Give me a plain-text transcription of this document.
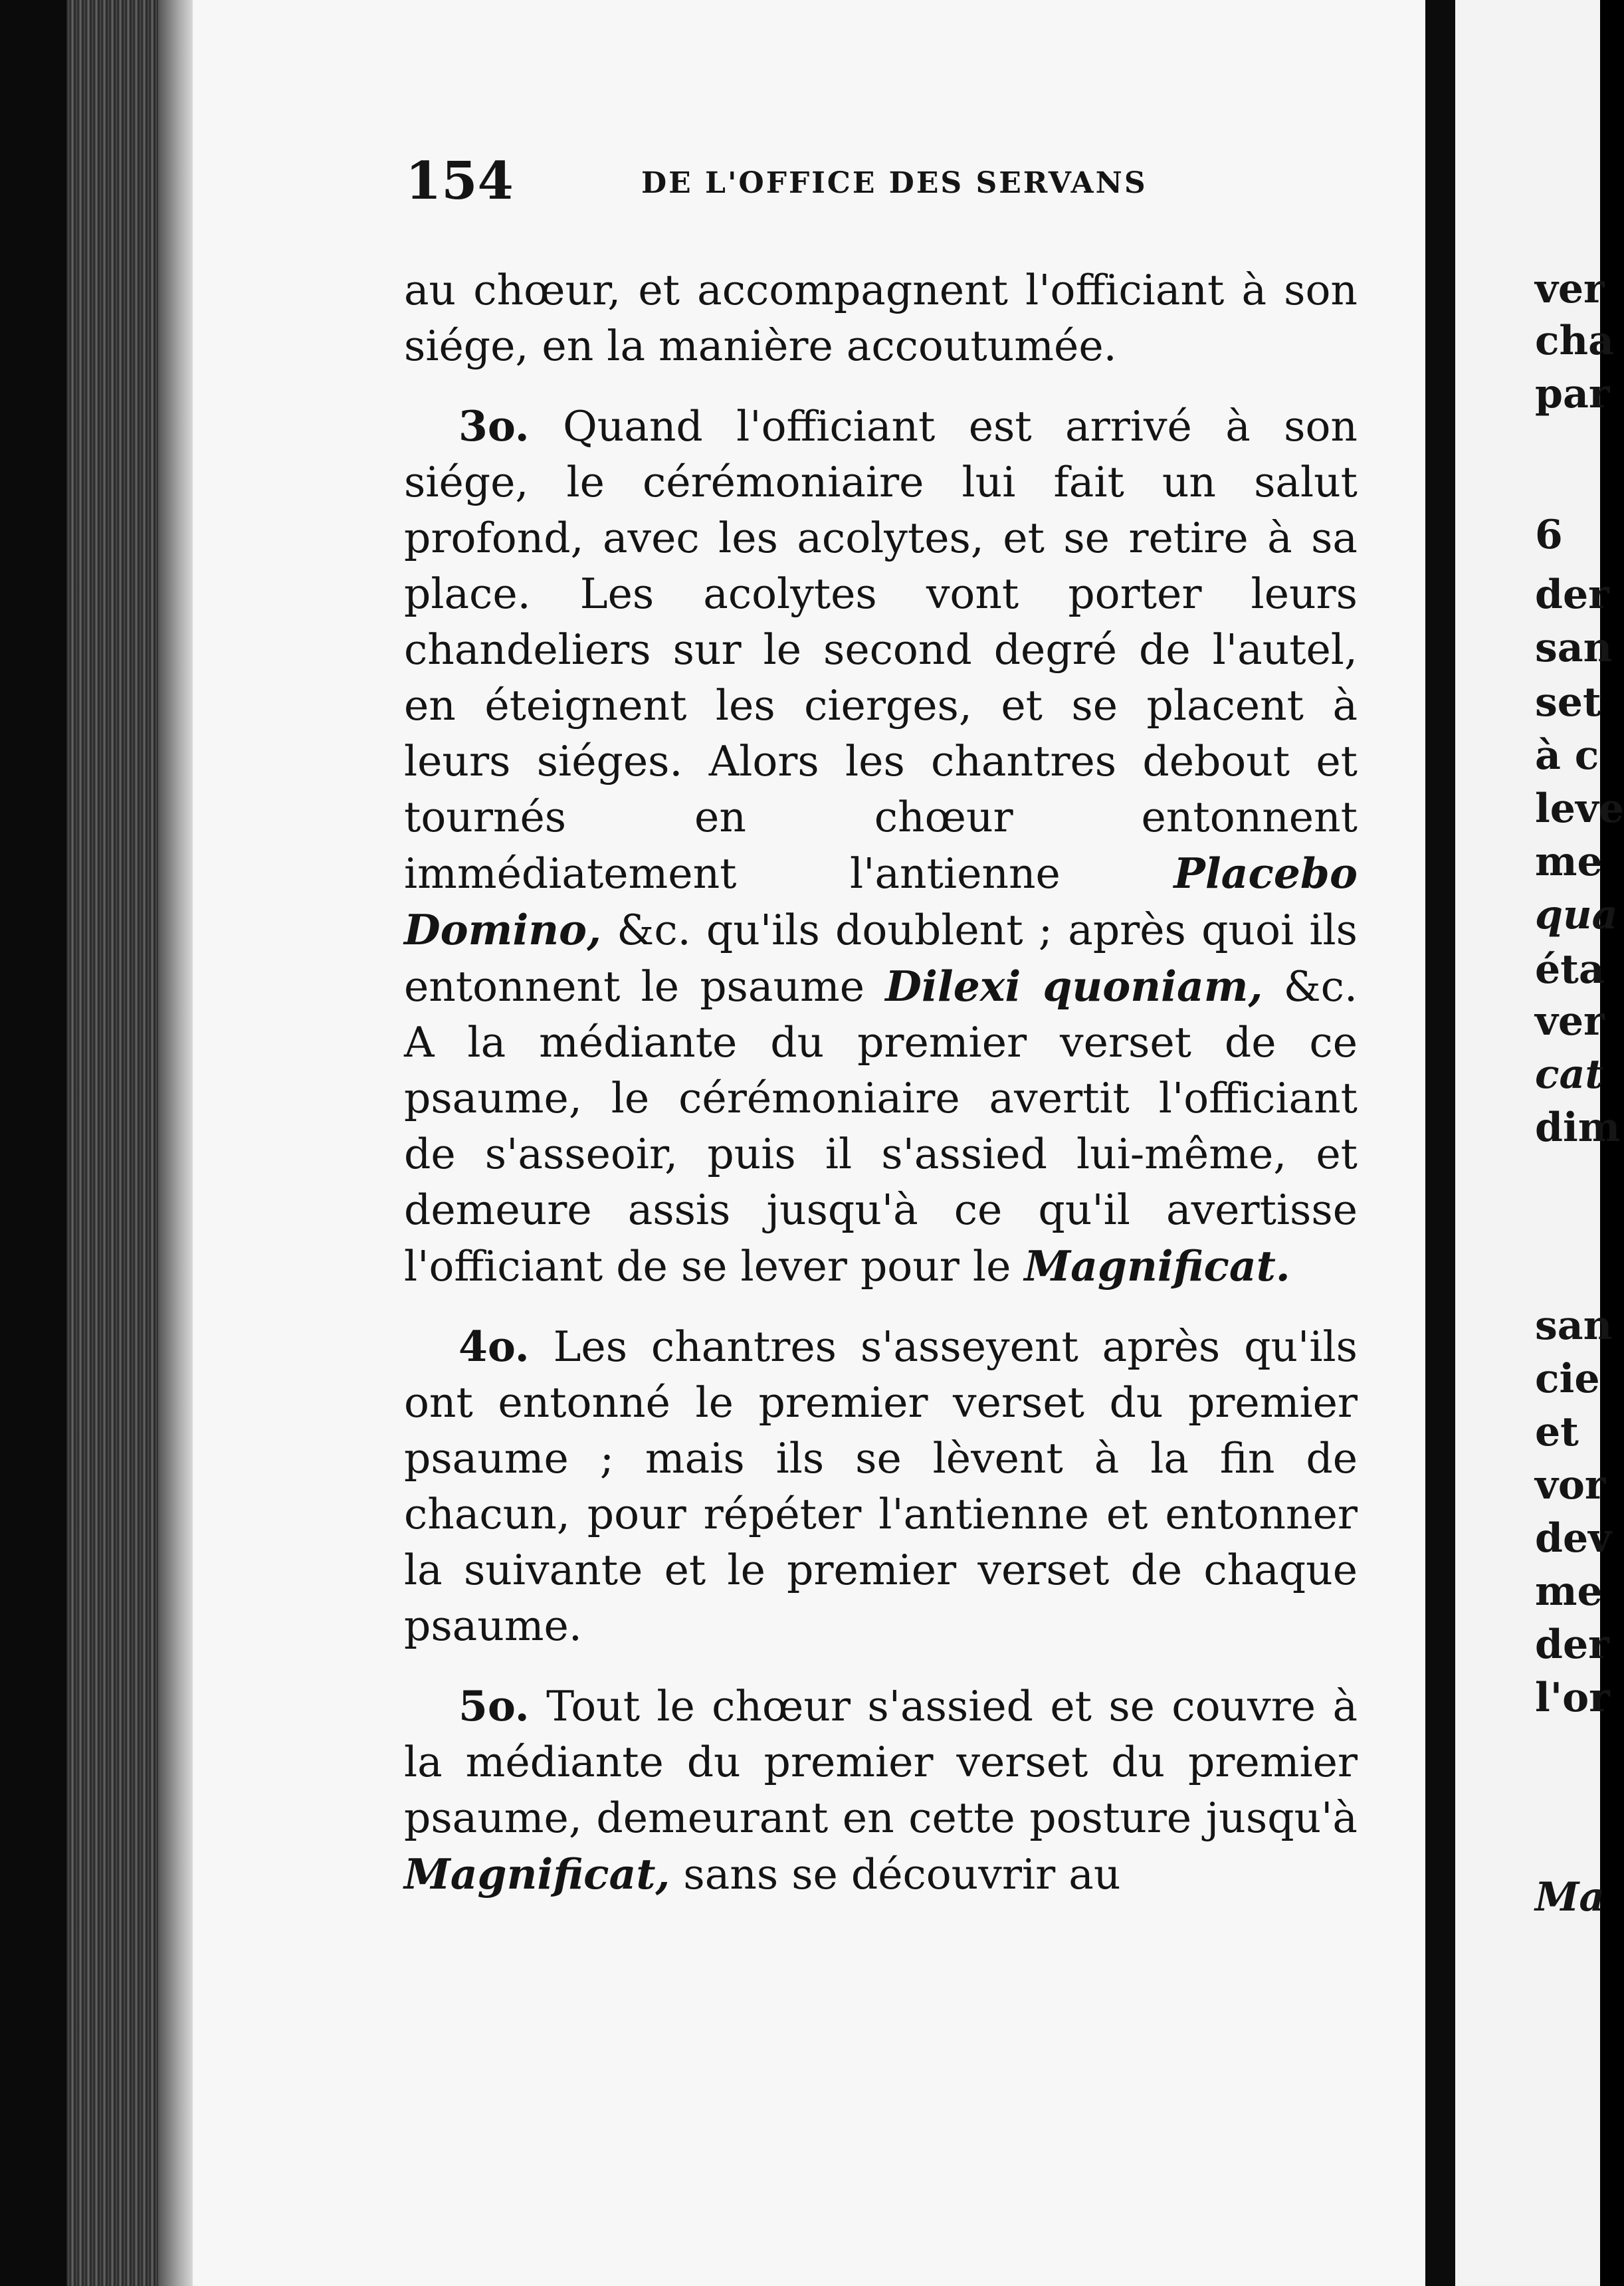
154	DE L'OFFICE DES SERVANS

au chœur, et accompagnent l'officiant à son siége, en la manière accoutumée.

3o. Quand l'officiant est arrivé à son siége, le cérémoniaire lui fait un salut profond, avec les acolytes, et se retire à sa place. Les acolytes vont porter leurs chandeliers sur le second degré de l'autel, en éteignent les cierges, et se placent à leurs siéges. Alors les chantres debout et tournés en chœur entonnent immédiatement l'antienne Placebo Domino, &c. qu'ils doublent ; après quoi ils entonnent le psaume Dilexi quoniam, &c. A la médiante du premier verset de ce psaume, le cérémoniaire avertit l'officiant de s'asseoir, puis il s'assied lui-même, et demeure assis jusqu'à ce qu'il avertisse l'officiant de se lever pour le Magnificat.

4o. Les chantres s'asseyent après qu'ils ont entonné le premier verset du premier psaume ; mais ils se lèvent à la fin de chacun, pour répéter l'antienne et entonner la suivante et le premier verset de chaque psaume.

5o. Tout le chœur s'assied et se couvre à la médiante du premier verset du premier psaume, demeurant en cette posture jusqu'à Magnificat, sans se découvrir au

ver
cha
par
6
der
san
set
à c
leve
me
qua
éta
ver
cat
dim
san
cie
et
vor
dev
me
der
l'or
Ma
